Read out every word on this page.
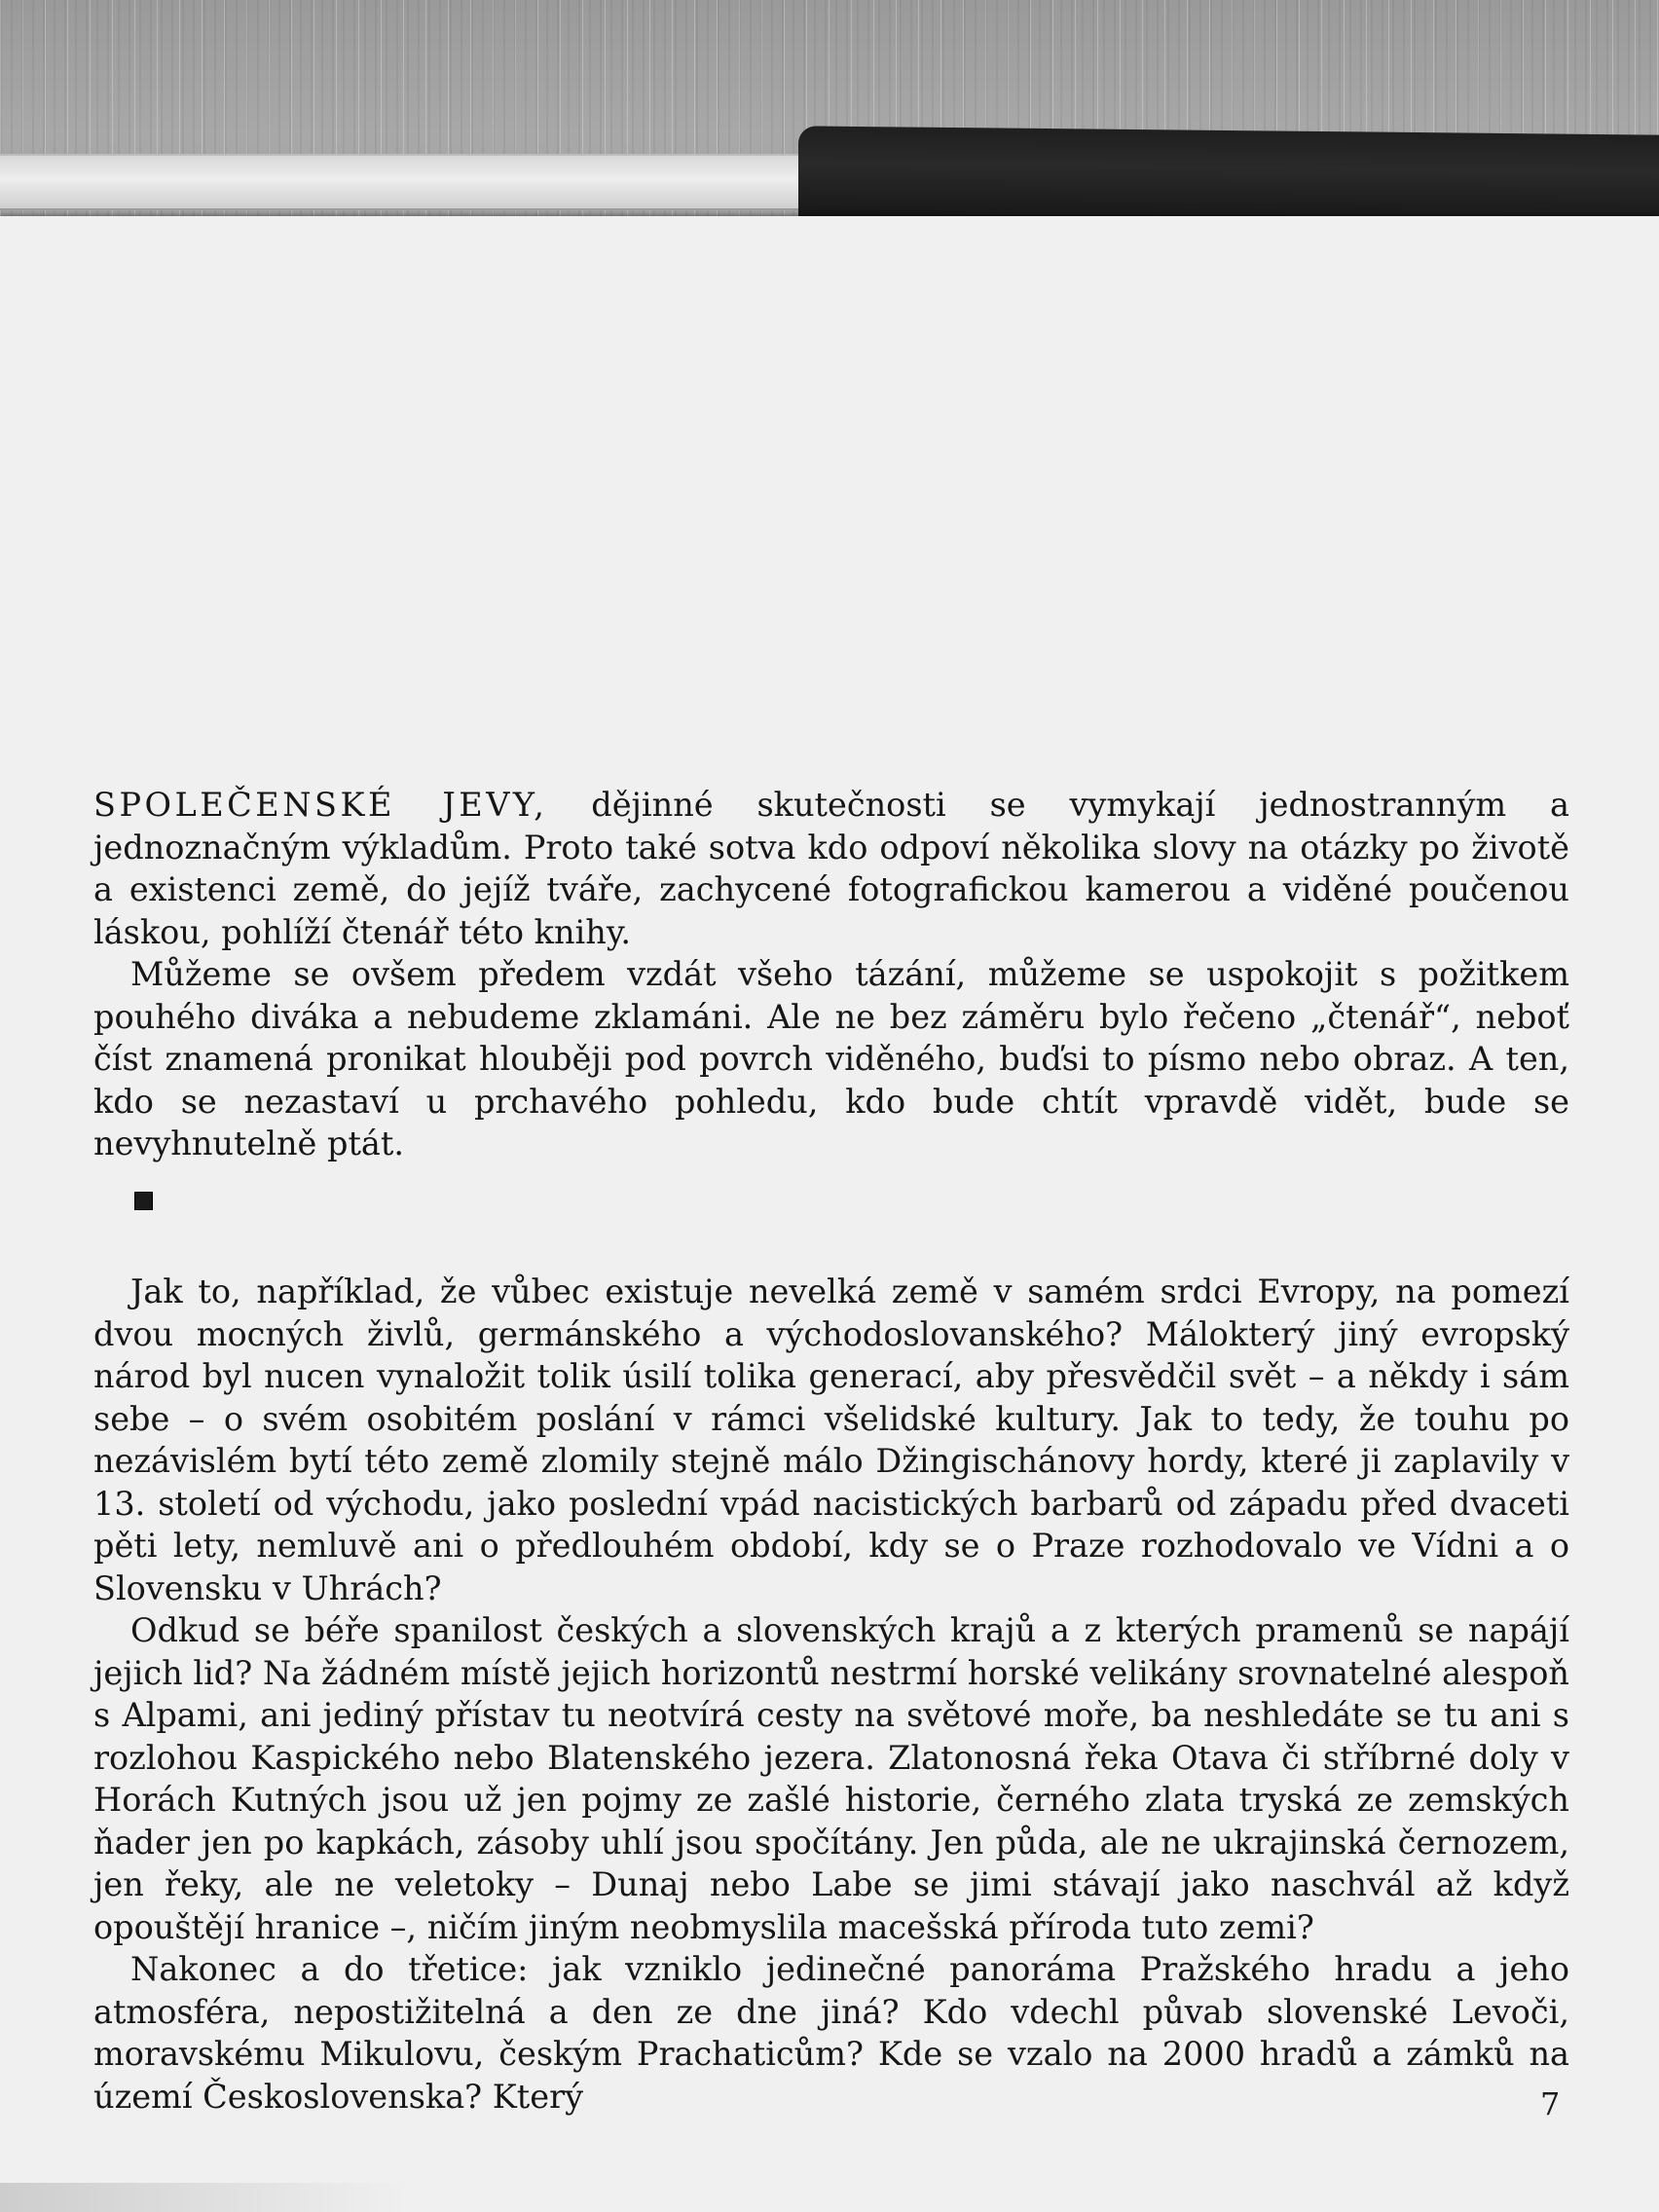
SPOLEČENSKÉ JEVY, dějinné skutečnosti se vymykají jednostranným a jednoznačným výkladům. Proto také sotva kdo odpoví několika slovy na otázky po životě a existenci země, do jejíž tváře, zachycené fotografickou kamerou a viděné poučenou láskou, pohlíží čtenář této knihy.

Můžeme se ovšem předem vzdát všeho tázání, můžeme se uspokojit s požitkem pouhého diváka a nebudeme zklamáni. Ale ne bez záměru bylo řečeno „čtenář“, neboť číst znamená pronikat hlouběji pod povrch viděného, buďsi to písmo nebo obraz. A ten, kdo se nezastaví u prchavého pohledu, kdo bude chtít vpravdě vidět, bude se nevyhnutelně ptát.

Jak to, například, že vůbec existuje nevelká země v samém srdci Evropy, na pomezí dvou mocných živlů, germánského a východoslovanského? Málokterý jiný evropský národ byl nucen vynaložit tolik úsilí tolika generací, aby přesvědčil svět – a někdy i sám sebe – o svém osobitém poslání v rámci všelidské kultury. Jak to tedy, že touhu po nezávislém bytí této země zlomily stejně málo Džingischánovy hordy, které ji zaplavily v 13. století od východu, jako poslední vpád nacistických barbarů od západu před dvaceti pěti lety, nemluvě ani o předlouhém období, kdy se o Praze rozhodovalo ve Vídni a o Slovensku v Uhrách?

Odkud se béře spanilost českých a slovenských krajů a z kterých pramenů se napájí jejich lid? Na žádném místě jejich horizontů nestrmí horské velikány srovnatelné alespoň s Alpami, ani jediný přístav tu neotvírá cesty na světové moře, ba neshledáte se tu ani s rozlohou Kaspického nebo Blatenského jezera. Zlatonosná řeka Otava či stříbrné doly v Horách Kutných jsou už jen pojmy ze zašlé historie, černého zlata tryská ze zemských ňader jen po kapkách, zásoby uhlí jsou spočítány. Jen půda, ale ne ukrajinská černozem, jen řeky, ale ne veletoky – Dunaj nebo Labe se jimi stávají jako naschvál až když opouštějí hranice –, ničím jiným neobmyslila macešská příroda tuto zemi?

Nakonec a do třetice: jak vzniklo jedinečné panoráma Pražského hradu a jeho atmosféra, nepostižitelná a den ze dne jiná? Kdo vdechl půvab slovenské Levoči, moravskému Mikulovu, českým Prachaticům? Kde se vzalo na 2000 hradů a zámků na území Československa? Který	7
